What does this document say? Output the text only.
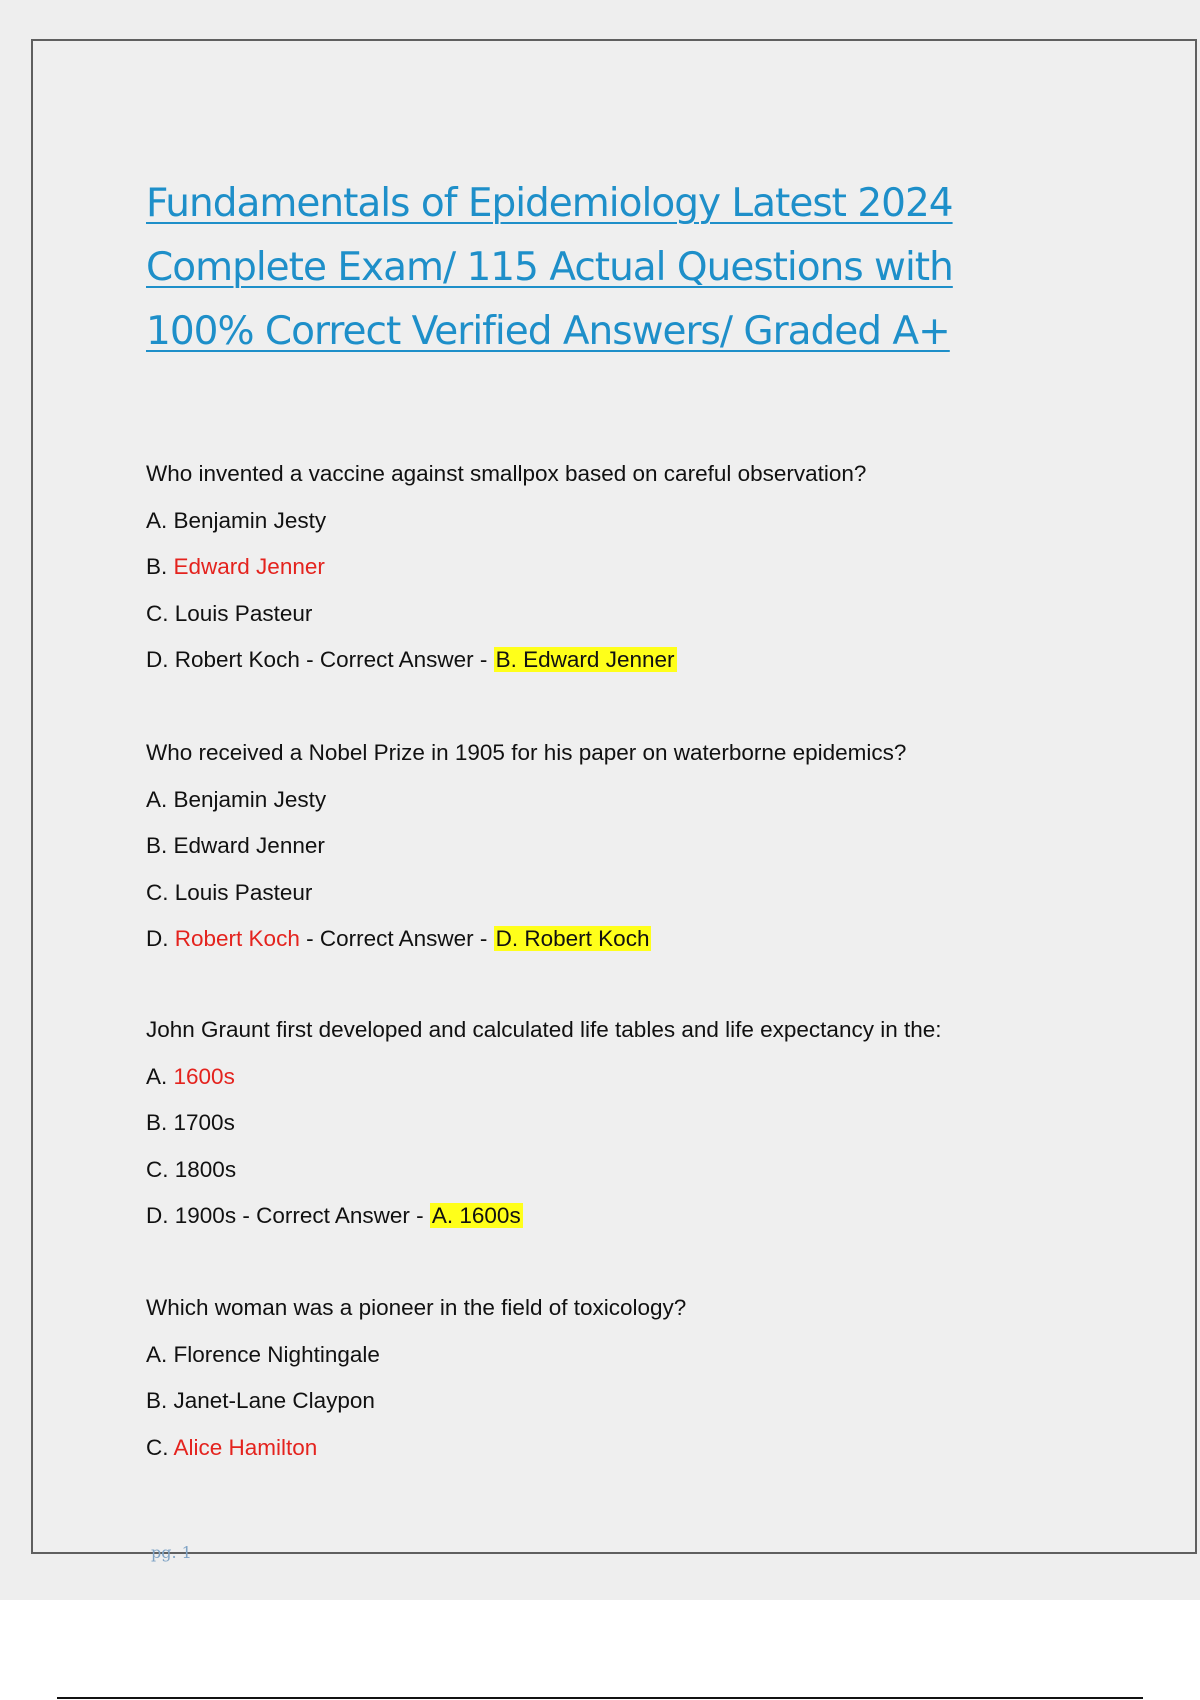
Fundamentals of Epidemiology Latest 2024
Complete Exam/ 115 Actual Questions with
100% Correct Verified Answers/ Graded A+
Who invented a vaccine against smallpox based on careful observation?
A. Benjamin Jesty
B. Edward Jenner
C. Louis Pasteur
D. Robert Koch - Correct Answer - B. Edward Jenner
Who received a Nobel Prize in 1905 for his paper on waterborne epidemics?
A. Benjamin Jesty
B. Edward Jenner
C. Louis Pasteur
D. Robert Koch - Correct Answer - D. Robert Koch
John Graunt first developed and calculated life tables and life expectancy in the:
A. 1600s
B. 1700s
C. 1800s
D. 1900s - Correct Answer - A. 1600s
Which woman was a pioneer in the field of toxicology?
A. Florence Nightingale
B. Janet-Lane Claypon
C. Alice Hamilton
pg. 1
